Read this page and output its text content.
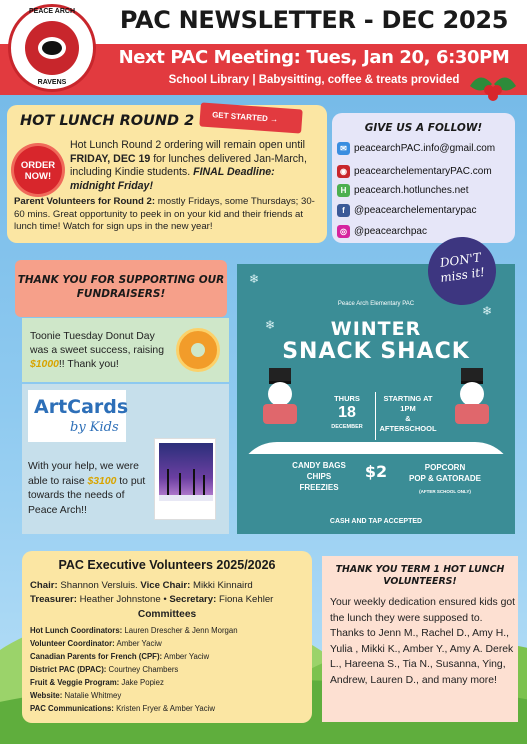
PAC NEWSLETTER - DEC 2025
Next PAC Meeting: Tues, Jan 20, 6:30PM
School Library | Babysitting, coffee & treats provided
PEACE ARCH
RAVENS
HOT LUNCH ROUND 2	GET STARTED →
ORDER NOW!
Hot Lunch Round 2 ordering will remain open until FRIDAY, DEC 19 for lunches delivered Jan-March, including Kindie students. FINAL Deadline: midnight Friday!
Parent Volunteers for Round 2: mostly Fridays, some Thursdays; 30-60 mins. Great opportunity to peek in on your kid and their friends at lunch time! Watch for sign ups in the new year!
GIVE US A FOLLOW!
✉ peacearchPAC.info@gmail.com
◉ peacearchelementaryPAC.com
H peacearch.hotlunches.net
f @peacearchelementarypac
◎ @peacearchpac
THANK YOU FOR SUPPORTING OUR FUNDRAISERS!
Toonie Tuesday Donut Day was a sweet success, raising $1000!! Thank you!
ArtCards
by Kids
With your help, we were able to raise $3100 to put towards the needs of Peace Arch!!
Peace Arch Elementary PAC
WINTER
SNACK SHACK
❄
❄
❄
THURS
18
DECEMBER
STARTING AT
1PM
&
AFTERSCHOOL
CANDY BAGS
CHIPS
FREEZIES
$2	POPCORN
POP & GATORADE
(AFTER SCHOOL ONLY)
CASH AND TAP ACCEPTED
DON'T miss it!
PAC Executive Volunteers 2025/2026
Chair: Shannon Versluis. Vice Chair: Mikki Kinnaird
Treasurer: Heather Johnstone • Secretary: Fiona Kehler
Committees
Hot Lunch Coordinators: Lauren Drescher & Jenn Morgan
Volunteer Coordinator: Amber Yaciw
Canadian Parents for French (CPF): Amber Yaciw
District PAC (DPAC): Courtney Chambers
Fruit & Veggie Program: Jake Popiez
Website: Natalie Whitmey
PAC Communications: Kristen Fryer & Amber Yaciw
THANK YOU TERM 1 HOT LUNCH VOLUNTEERS!
Your weekly dedication ensured kids got the lunch they were supposed to. Thanks to Jenn M., Rachel D., Amy H., Yulia , Mikki K., Amber Y., Amy A. Derek L., Hareena S., Tia N., Susanna, Ying, Andrew, Lauren D., and many more!
